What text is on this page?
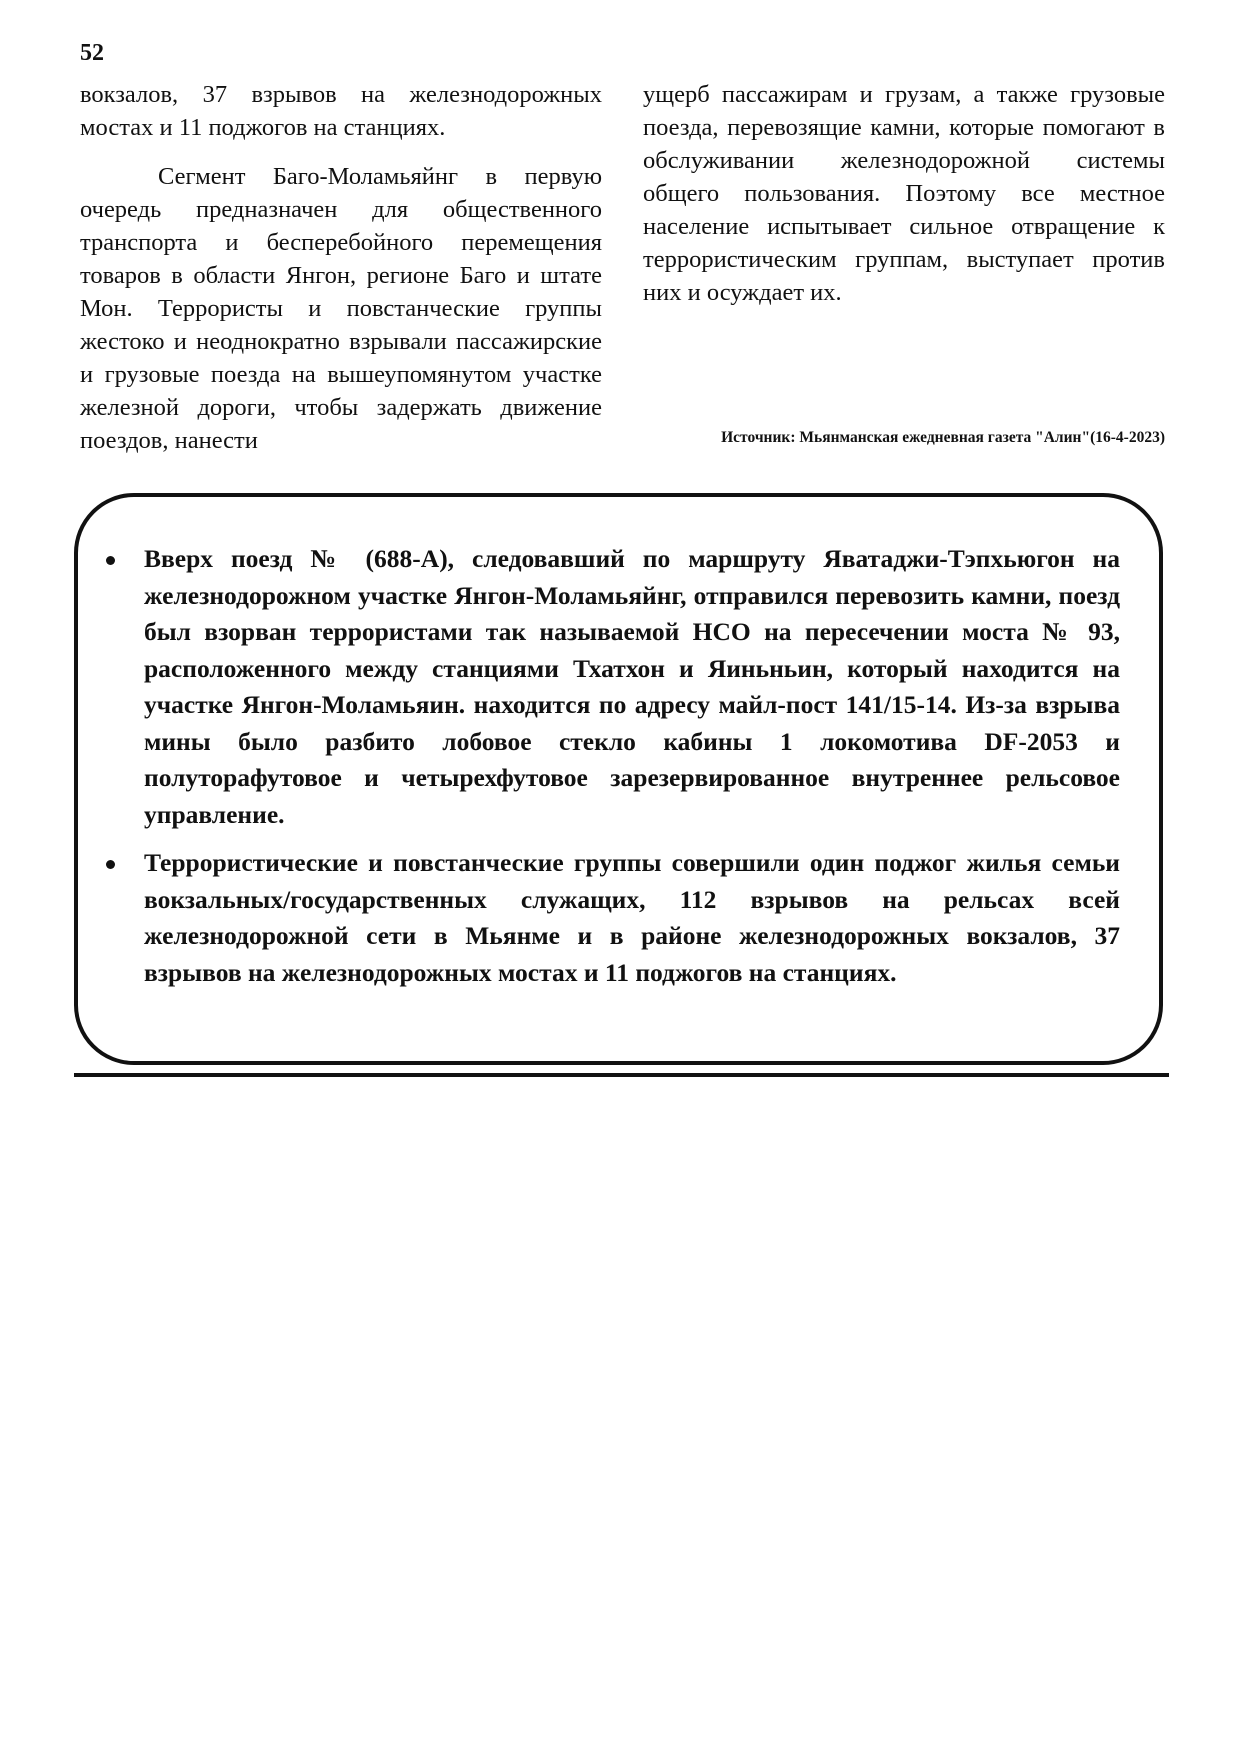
52

вокзалов, 37 взрывов на железнодорожных мостах и 11 поджогов на станциях.

Сегмент Баго-Моламьяйнг в первую очередь предназначен для общественного транспорта и бесперебойного перемещения товаров в области Янгон, регионе Баго и штате Мон. Террористы и повстанческие группы жестоко и неоднократно взрывали пассажирские и грузовые поезда на вышеупомянутом участке железной дороги, чтобы задержать движение поездов, нанести

ущерб пассажирам и грузам, а также грузовые поезда, перевозящие камни, которые помогают в обслуживании железнодорожной системы общего пользования. Поэтому все местное население испытывает сильное отвращение к террористическим группам, выступает против них и осуждает их.

Источник: Мьянманская ежедневная газета "Алин"(16-4-2023)
Вверх поезд № (688-А), следовавший по маршруту Яватаджи-Тэпхьюгон на железнодорожном участке Янгон-Моламьяйнг, отправился перевозить камни, поезд был взорван террористами так называемой НСО на пересечении моста № 93, расположенного между станциями Тхатхон и Яиньньин, который находится на участке Янгон-Моламьяин. находится по адресу майл-пост 141/15-14. Из-за взрыва мины было разбито лобовое стекло кабины 1 локомотива DF-2053 и полуторафутовое и четырехфутовое зарезервированное внутреннее рельсовое управление.
Террористические и повстанческие группы совершили один поджог жилья семьи вокзальных/государственных служащих, 112 взрывов на рельсах всей железнодорожной сети в Мьянме и в районе железнодорожных вокзалов, 37 взрывов на железнодорожных мостах и 11 поджогов на станциях.
